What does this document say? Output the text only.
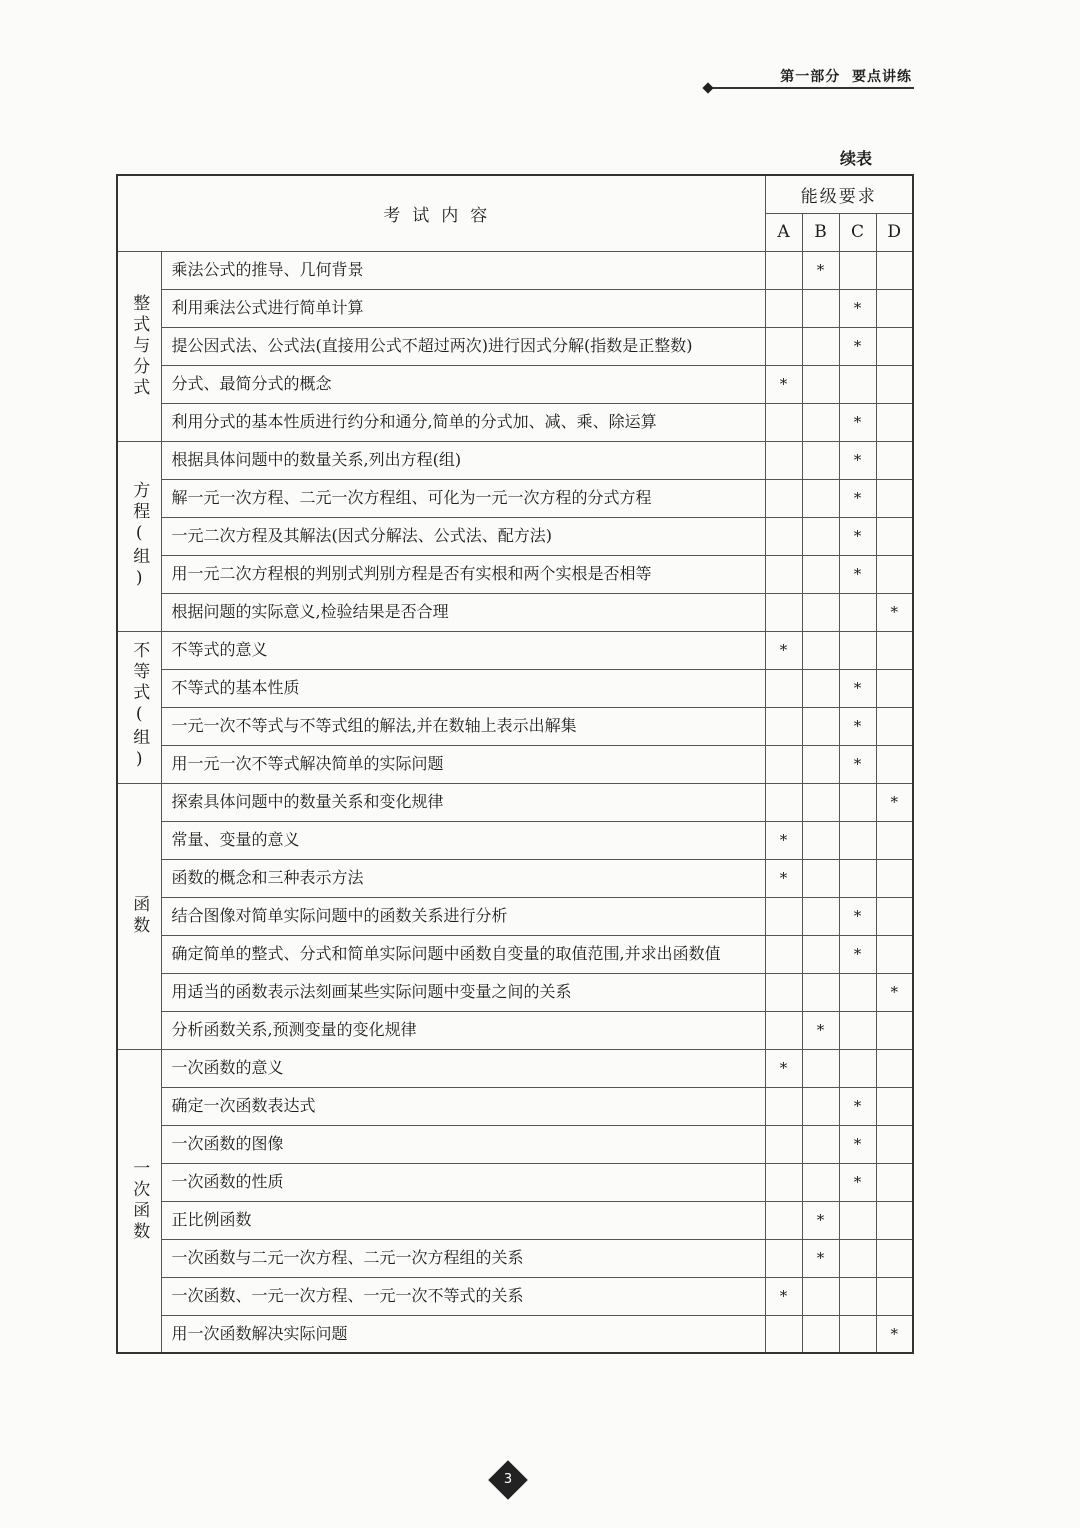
第一部分  要点讲练
续表
考试内容		能级要求			
		A	B	C	D
整式与分式	乘法公式的推导、几何背景		*		
	利用乘法公式进行简单计算			*	
	提公因式法、公式法(直接用公式不超过两次)进行因式分解(指数是正整数)			*	
	分式、最简分式的概念	*			
	利用分式的基本性质进行约分和通分,简单的分式加、减、乘、除运算			*	
方程(组)	根据具体问题中的数量关系,列出方程(组)			*	
	解一元一次方程、二元一次方程组、可化为一元一次方程的分式方程			*	
	一元二次方程及其解法(因式分解法、公式法、配方法)			*	
	用一元二次方程根的判别式判别方程是否有实根和两个实根是否相等			*	
	根据问题的实际意义,检验结果是否合理				*
不等式(组)	不等式的意义	*			
	不等式的基本性质			*	
	一元一次不等式与不等式组的解法,并在数轴上表示出解集			*	
	用一元一次不等式解决简单的实际问题			*	
函数	探索具体问题中的数量关系和变化规律				*
	常量、变量的意义	*			
	函数的概念和三种表示方法	*			
	结合图像对简单实际问题中的函数关系进行分析			*	
	确定简单的整式、分式和简单实际问题中函数自变量的取值范围,并求出函数值			*	
	用适当的函数表示法刻画某些实际问题中变量之间的关系				*
	分析函数关系,预测变量的变化规律		*		
一次函数	一次函数的意义	*			
	确定一次函数表达式			*	
	一次函数的图像			*	
	一次函数的性质			*	
	正比例函数		*		
	一次函数与二元一次方程、二元一次方程组的关系		*		
	一次函数、一元一次方程、一元一次不等式的关系	*			
	用一次函数解决实际问题				*
3
